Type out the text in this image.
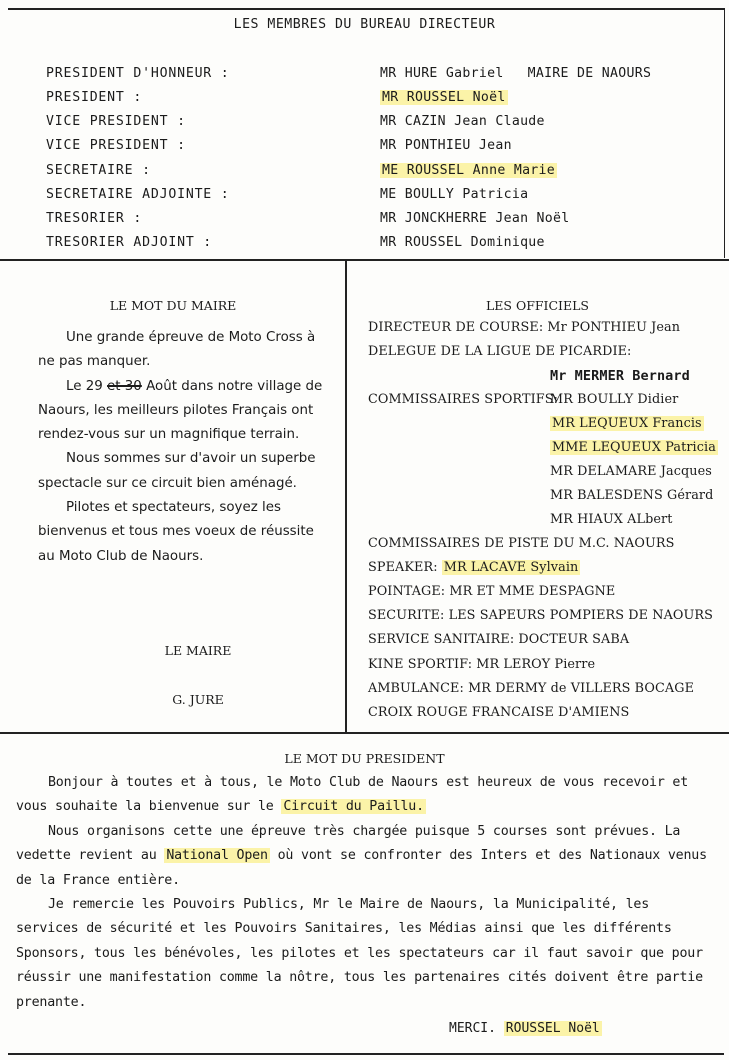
LES MEMBRES DU BUREAU DIRECTEUR
PRESIDENT D'HONNEUR :	MR HURE Gabriel MAIRE DE NAOURS
PRESIDENT :	MR ROUSSEL Noël
VICE PRESIDENT :	MR CAZIN Jean Claude
VICE PRESIDENT :	MR PONTHIEU Jean
SECRETAIRE :	ME ROUSSEL Anne Marie
SECRETAIRE ADJOINTE :	ME BOULLY Patricia
TRESORIER :	MR JONCKHERRE Jean Noël
TRESORIER ADJOINT :	MR ROUSSEL Dominique
LE MOT DU MAIRE

Une grande épreuve de Moto Cross à ne pas manquer.

Le 29 et 30 Août dans notre village de Naours, les meilleurs pilotes Français ont rendez-vous sur un magnifique terrain.

Nous sommes sur d'avoir un superbe spectacle sur ce circuit bien aménagé.

Pilotes et spectateurs, soyez les bienvenus et tous mes voeux de réussite au Moto Club de Naours.

LE MAIRE
G. JURE
LES OFFICIELS
DIRECTEUR DE COURSE: Mr PONTHIEU Jean
DELEGUE DE LA LIGUE DE PICARDIE:
Mr MERMER Bernard
COMMISSAIRES SPORTIFS:
MR BOULLY Didier
MR LEQUEUX Francis
MME LEQUEUX Patricia
MR DELAMARE Jacques
MR BALESDENS Gérard
MR HIAUX ALbert
COMMISSAIRES DE PISTE DU M.C. NAOURS
SPEAKER: MR LACAVE Sylvain
POINTAGE: MR ET MME DESPAGNE
SECURITE: LES SAPEURS POMPIERS DE NAOURS
SERVICE SANITAIRE: DOCTEUR SABA
KINE SPORTIF: MR LEROY Pierre
AMBULANCE: MR DERMY de VILLERS BOCAGE
CROIX ROUGE FRANCAISE D'AMIENS
LE MOT DU PRESIDENT

Bonjour à toutes et à tous, le Moto Club de Naours est heureux de vous recevoir et vous souhaite la bienvenue sur le Circuit du Paillu.

Nous organisons cette une épreuve très chargée puisque 5 courses sont prévues. La vedette revient au National Open où vont se confronter des Inters et des Nationaux venus de la France entière.

Je remercie les Pouvoirs Publics, Mr le Maire de Naours, la Municipalité, les services de sécurité et les Pouvoirs Sanitaires, les Médias ainsi que les différents Sponsors, tous les bénévoles, les pilotes et les spectateurs car il faut savoir que pour réussir une manifestation comme la nôtre, tous les partenaires cités doivent être partie prenante.

MERCI. ROUSSEL Noël
